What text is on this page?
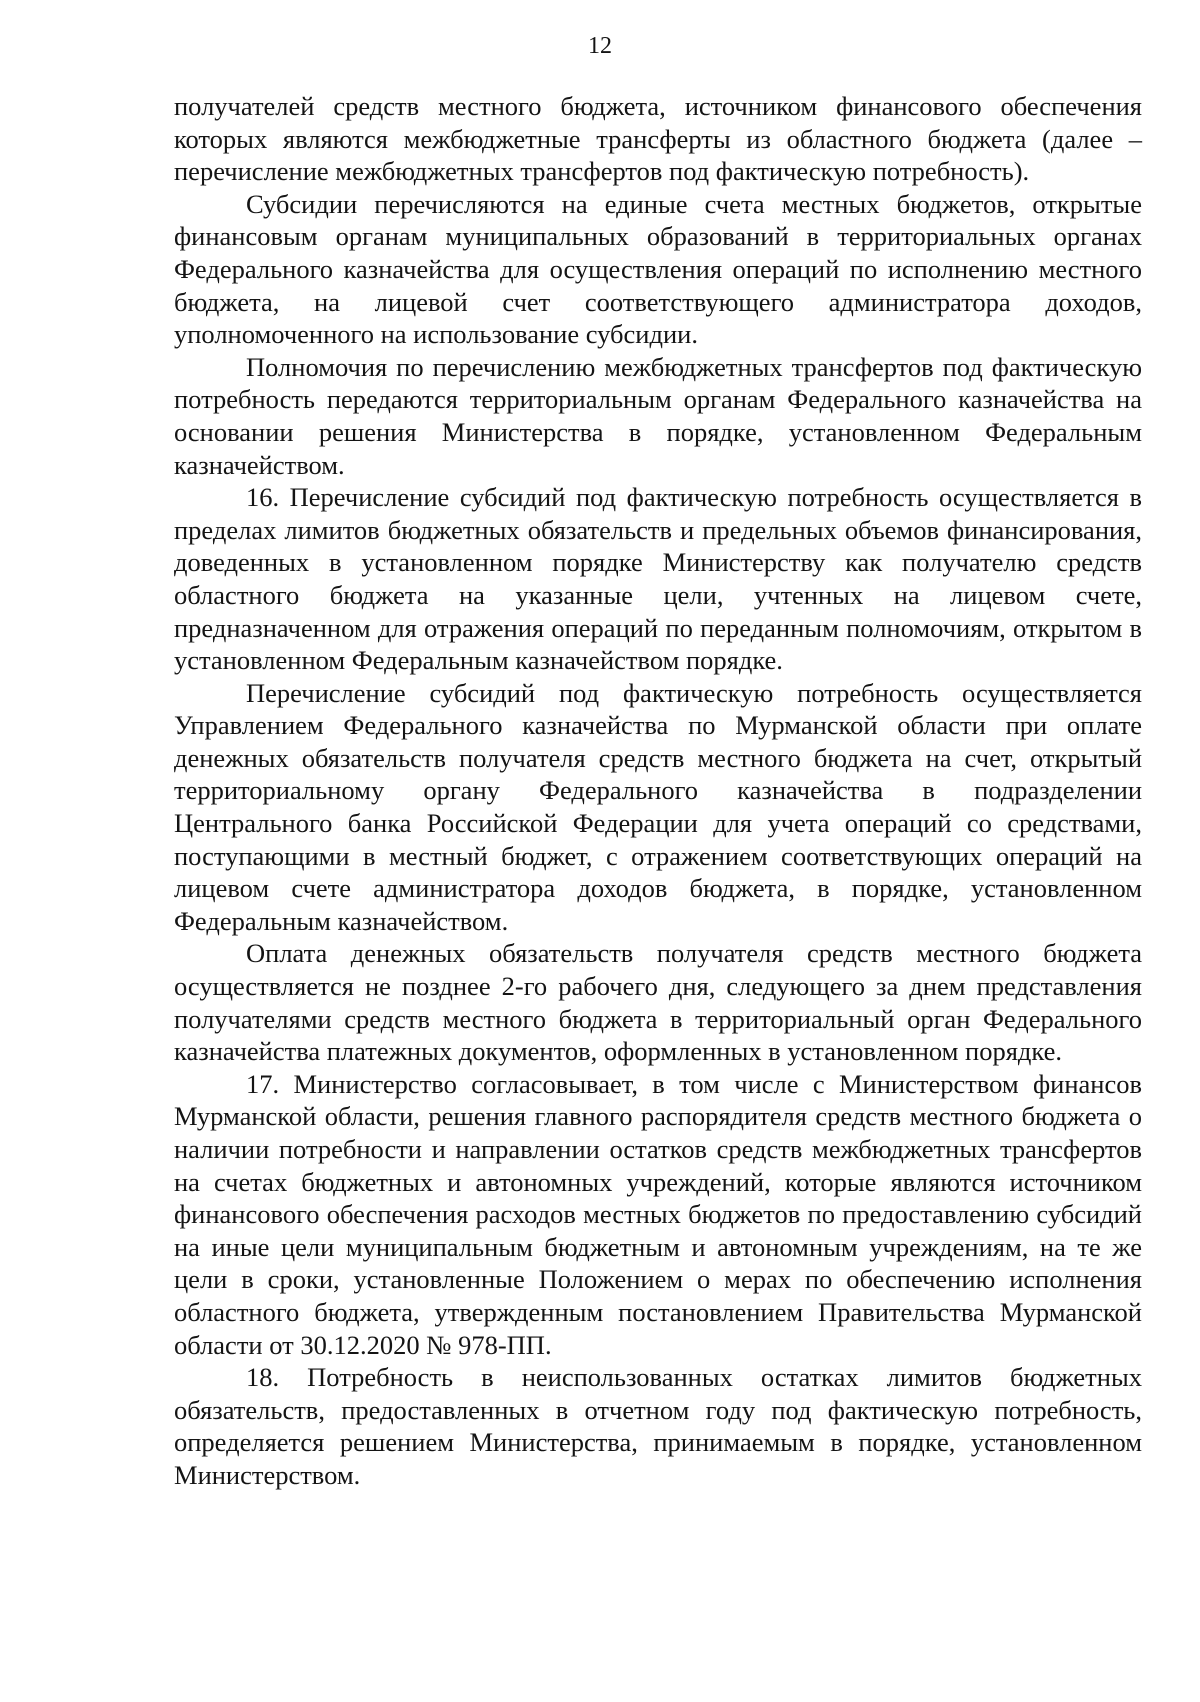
12

получателей средств местного бюджета, источником финансового обеспечения которых являются межбюджетные трансферты из областного бюджета (далее – перечисление межбюджетных трансфертов под фактическую потребность).

Субсидии перечисляются на единые счета местных бюджетов, открытые финансовым органам муниципальных образований в территориальных органах Федерального казначейства для осуществления операций по исполнению местного бюджета, на лицевой счет соответствующего администратора доходов, уполномоченного на использование субсидии.

Полномочия по перечислению межбюджетных трансфертов под фактическую потребность передаются территориальным органам Федерального казначейства на основании решения Министерства в порядке, установленном Федеральным казначейством.

16. Перечисление субсидий под фактическую потребность осуществляется в пределах лимитов бюджетных обязательств и предельных объемов финансирования, доведенных в установленном порядке Министерству как получателю средств областного бюджета на указанные цели, учтенных на лицевом счете, предназначенном для отражения операций по переданным полномочиям, открытом в установленном Федеральным казначейством порядке.

Перечисление субсидий под фактическую потребность осуществляется Управлением Федерального казначейства по Мурманской области при оплате денежных обязательств получателя средств местного бюджета на счет, открытый территориальному органу Федерального казначейства в подразделении Центрального банка Российской Федерации для учета операций со средствами, поступающими в местный бюджет, с отражением соответствующих операций на лицевом счете администратора доходов бюджета, в порядке, установленном Федеральным казначейством.

Оплата денежных обязательств получателя средств местного бюджета осуществляется не позднее 2-го рабочего дня, следующего за днем представления получателями средств местного бюджета в территориальный орган Федерального казначейства платежных документов, оформленных в установленном порядке.

17. Министерство согласовывает, в том числе с Министерством финансов Мурманской области, решения главного распорядителя средств местного бюджета о наличии потребности и направлении остатков средств межбюджетных трансфертов на счетах бюджетных и автономных учреждений, которые являются источником финансового обеспечения расходов местных бюджетов по предоставлению субсидий на иные цели муниципальным бюджетным и автономным учреждениям, на те же цели в сроки, установленные Положением о мерах по обеспечению исполнения областного бюджета, утвержденным постановлением Правительства Мурманской области от 30.12.2020 № 978-ПП.

18. Потребность в неиспользованных остатках лимитов бюджетных обязательств, предоставленных в отчетном году под фактическую потребность, определяется решением Министерства, принимаемым в порядке, установленном Министерством.
